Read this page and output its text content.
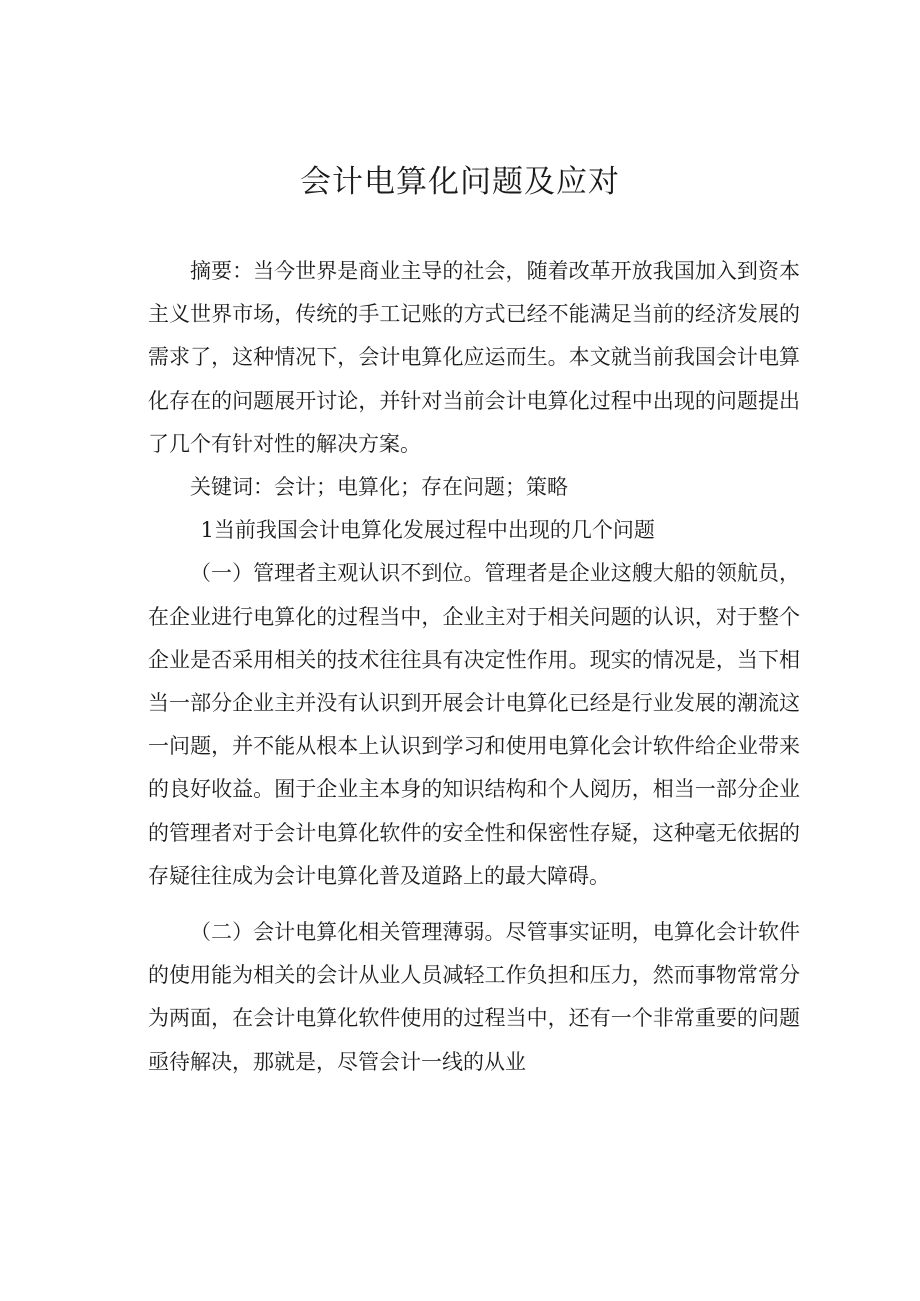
会计电算化问题及应对

摘要：当今世界是商业主导的社会，随着改革开放我国加入到资本主义世界市场，传统的手工记账的方式已经不能满足当前的经济发展的需求了，这种情况下，会计电算化应运而生。本文就当前我国会计电算化存在的问题展开讨论，并针对当前会计电算化过程中出现的问题提出了几个有针对性的解决方案。

关键词：会计；电算化；存在问题；策略

1当前我国会计电算化发展过程中出现的几个问题

（一）管理者主观认识不到位。管理者是企业这艘大船的领航员，在企业进行电算化的过程当中，企业主对于相关问题的认识，对于整个企业是否采用相关的技术往往具有决定性作用。现实的情况是，当下相当一部分企业主并没有认识到开展会计电算化已经是行业发展的潮流这一问题，并不能从根本上认识到学习和使用电算化会计软件给企业带来的良好收益。囿于企业主本身的知识结构和个人阅历，相当一部分企业的管理者对于会计电算化软件的安全性和保密性存疑，这种毫无依据的存疑往往成为会计电算化普及道路上的最大障碍。

（二）会计电算化相关管理薄弱。尽管事实证明，电算化会计软件的使用能为相关的会计从业人员减轻工作负担和压力，然而事物常常分为两面，在会计电算化软件使用的过程当中，还有一个非常重要的问题亟待解决，那就是，尽管会计一线的从业
